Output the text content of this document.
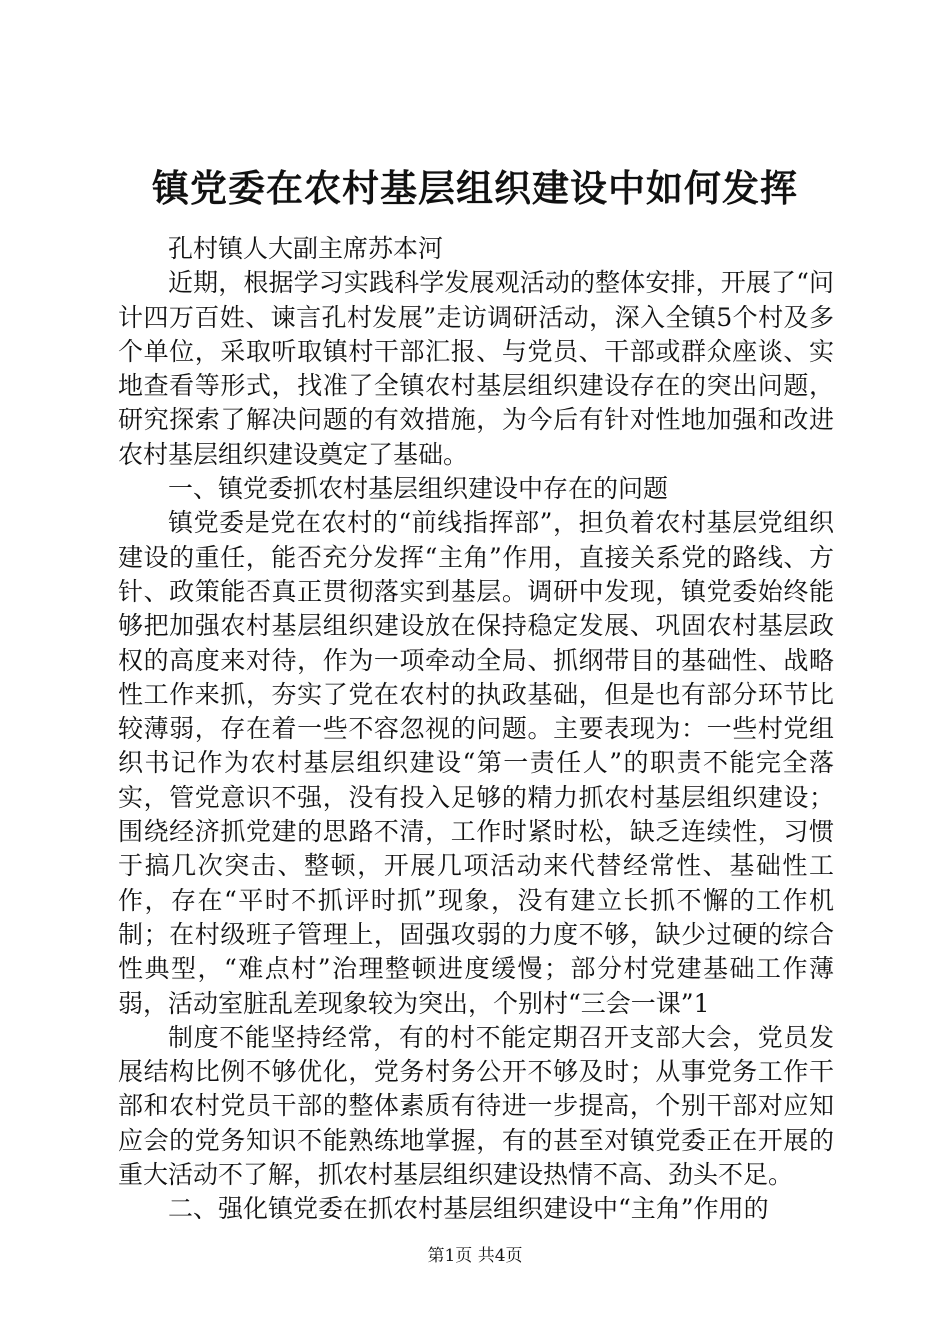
镇党委在农村基层组织建设中如何发挥

孔村镇人大副主席苏本河

近期，根据学习实践科学发展观活动的整体安排，开展了“问计四万百姓、谏言孔村发展”走访调研活动，深入全镇5个村及多个单位，采取听取镇村干部汇报、与党员、干部或群众座谈、实地查看等形式，找准了全镇农村基层组织建设存在的突出问题，研究探索了解决问题的有效措施，为今后有针对性地加强和改进农村基层组织建设奠定了基础。

一、镇党委抓农村基层组织建设中存在的问题

镇党委是党在农村的“前线指挥部”，担负着农村基层党组织建设的重任，能否充分发挥“主角”作用，直接关系党的路线、方针、政策能否真正贯彻落实到基层。调研中发现，镇党委始终能够把加强农村基层组织建设放在保持稳定发展、巩固农村基层政权的高度来对待，作为一项牵动全局、抓纲带目的基础性、战略性工作来抓，夯实了党在农村的执政基础，但是也有部分环节比较薄弱，存在着一些不容忽视的问题。主要表现为：一些村党组织书记作为农村基层组织建设“第一责任人”的职责不能完全落实，管党意识不强，没有投入足够的精力抓农村基层组织建设；围绕经济抓党建的思路不清，工作时紧时松，缺乏连续性，习惯于搞几次突击、整顿，开展几项活动来代替经常性、基础性工作，存在“平时不抓评时抓”现象，没有建立长抓不懈的工作机制；在村级班子管理上，固强攻弱的力度不够，缺少过硬的综合性典型，“难点村”治理整顿进度缓慢；部分村党建基础工作薄弱，活动室脏乱差现象较为突出，个别村“三会一课”1

制度不能坚持经常，有的村不能定期召开支部大会，党员发展结构比例不够优化，党务村务公开不够及时；从事党务工作干部和农村党员干部的整体素质有待进一步提高，个别干部对应知应会的党务知识不能熟练地掌握，有的甚至对镇党委正在开展的重大活动不了解，抓农村基层组织建设热情不高、劲头不足。

二、强化镇党委在抓农村基层组织建设中“主角”作用的

第1页 共4页
